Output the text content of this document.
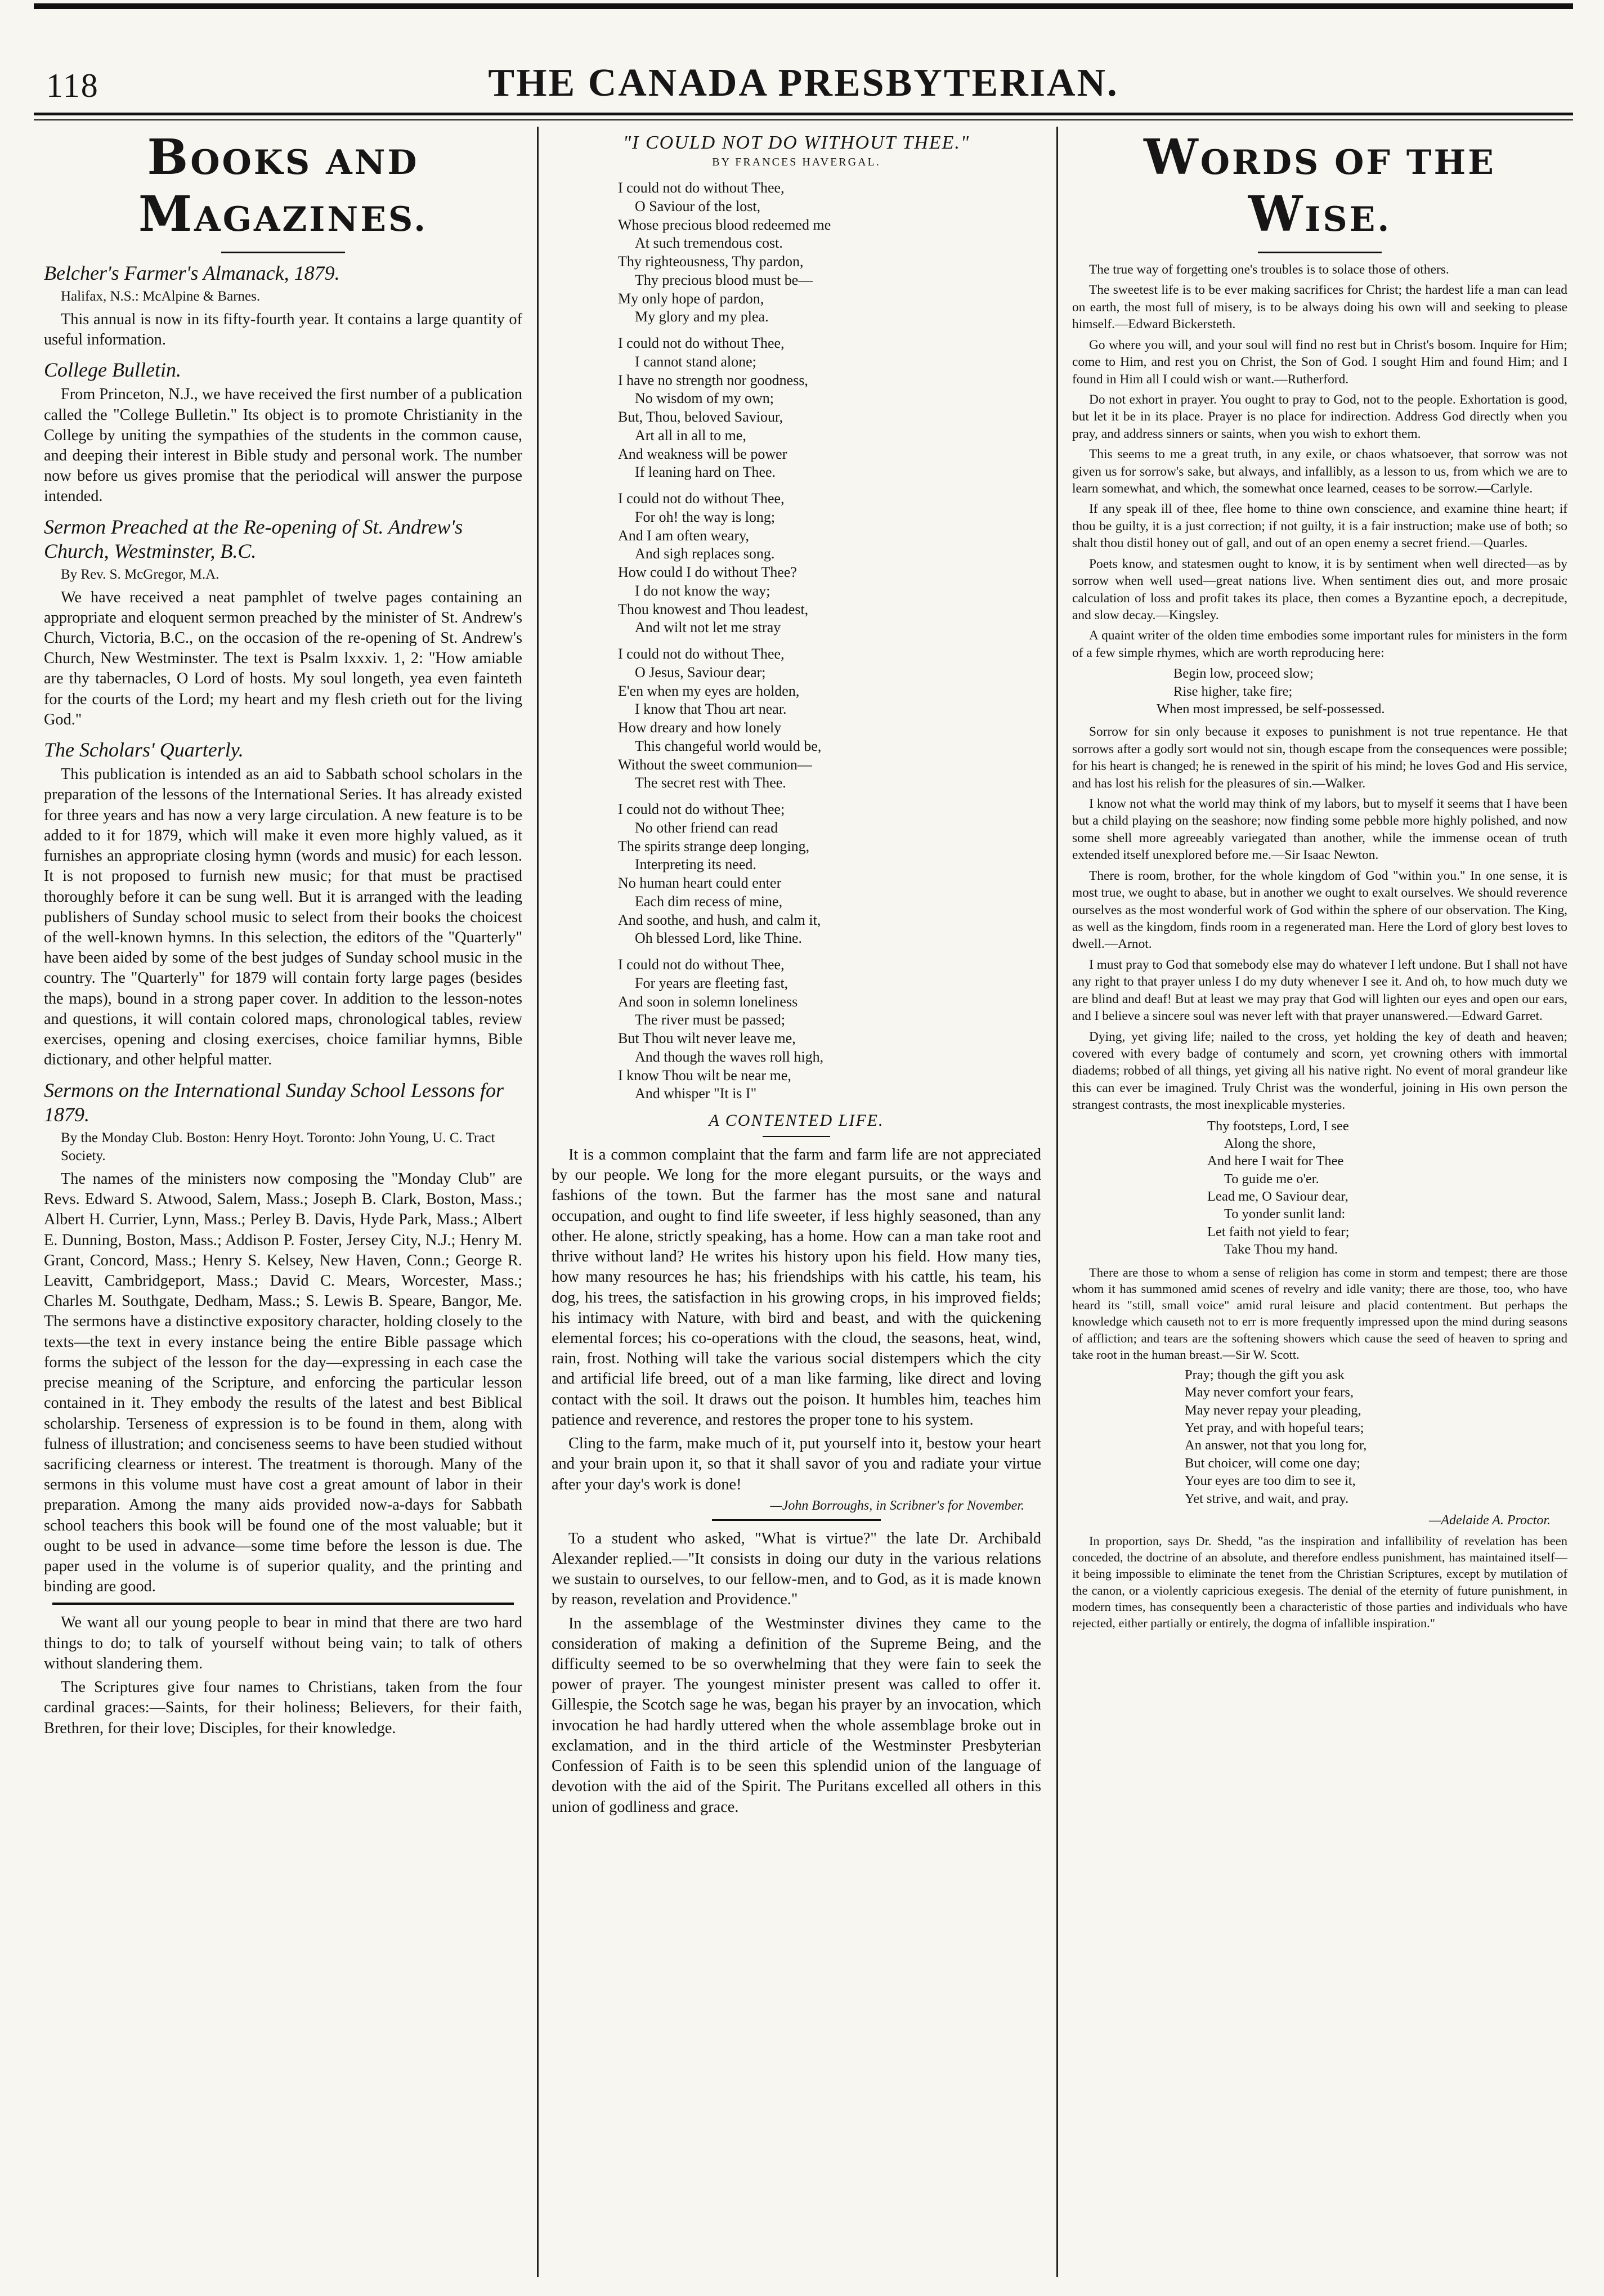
118	THE CANADA PRESBYTERIAN.
BOOKS AND MAGAZINES.
Belcher's Farmer's Almanack, 1879.
Halifax, N.S.: McAlpine & Barnes.

This annual is now in its fifty-fourth year. It contains a large quantity of useful information.

College Bulletin.

From Princeton, N.J., we have received the first number of a publication called the "College Bulletin." Its object is to promote Christianity in the College by uniting the sympathies of the students in the common cause, and deeping their interest in Bible study and personal work. The number now before us gives promise that the periodical will answer the purpose intended.

Sermon Preached at the Re-opening of St. Andrew's Church, Westminster, B.C.
By Rev. S. McGregor, M.A.

We have received a neat pamphlet of twelve pages containing an appropriate and eloquent sermon preached by the minister of St. Andrew's Church, Victoria, B.C., on the occasion of the re-opening of St. Andrew's Church, New Westminster. The text is Psalm lxxxiv. 1, 2: "How amiable are thy tabernacles, O Lord of hosts. My soul longeth, yea even fainteth for the courts of the Lord; my heart and my flesh crieth out for the living God."

The Scholars' Quarterly.

This publication is intended as an aid to Sabbath school scholars in the preparation of the lessons of the International Series. It has already existed for three years and has now a very large circulation. A new feature is to be added to it for 1879, which will make it even more highly valued, as it furnishes an appropriate closing hymn (words and music) for each lesson. It is not proposed to furnish new music; for that must be practised thoroughly before it can be sung well. But it is arranged with the leading publishers of Sunday school music to select from their books the choicest of the well-known hymns. In this selection, the editors of the "Quarterly" have been aided by some of the best judges of Sunday school music in the country. The "Quarterly" for 1879 will contain forty large pages (besides the maps), bound in a strong paper cover. In addition to the lesson-notes and questions, it will contain colored maps, chronological tables, review exercises, opening and closing exercises, choice familiar hymns, Bible dictionary, and other helpful matter.

Sermons on the International Sunday School Lessons for 1879.
By the Monday Club. Boston: Henry Hoyt. Toronto: John Young, U. C. Tract Society.

The names of the ministers now composing the "Monday Club" are Revs. Edward S. Atwood, Salem, Mass.; Joseph B. Clark, Boston, Mass.; Albert H. Currier, Lynn, Mass.; Perley B. Davis, Hyde Park, Mass.; Albert E. Dunning, Boston, Mass.; Addison P. Foster, Jersey City, N.J.; Henry M. Grant, Concord, Mass.; Henry S. Kelsey, New Haven, Conn.; George R. Leavitt, Cambridgeport, Mass.; David C. Mears, Worcester, Mass.; Charles M. Southgate, Dedham, Mass.; S. Lewis B. Speare, Bangor, Me. The sermons have a distinctive expository character, holding closely to the texts—the text in every instance being the entire Bible passage which forms the subject of the lesson for the day—expressing in each case the precise meaning of the Scripture, and enforcing the particular lesson contained in it. They embody the results of the latest and best Biblical scholarship. Terseness of expression is to be found in them, along with fulness of illustration; and conciseness seems to have been studied without sacrificing clearness or interest. The treatment is thorough. Many of the sermons in this volume must have cost a great amount of labor in their preparation. Among the many aids provided now-a-days for Sabbath school teachers this book will be found one of the most valuable; but it ought to be used in advance—some time before the lesson is due. The paper used in the volume is of superior quality, and the printing and binding are good.

We want all our young people to bear in mind that there are two hard things to do; to talk of yourself without being vain; to talk of others without slandering them.

The Scriptures give four names to Christians, taken from the four cardinal graces:—Saints, for their holiness; Believers, for their faith, Brethren, for their love; Disciples, for their knowledge.

"I COULD NOT DO WITHOUT THEE."
BY FRANCES HAVERGAL.
I could not do without Thee,
O Saviour of the lost,
Whose precious blood redeemed me
At such tremendous cost.
Thy righteousness, Thy pardon,
Thy precious blood must be—
My only hope of pardon,
My glory and my plea.
I could not do without Thee,
I cannot stand alone;
I have no strength nor goodness,
No wisdom of my own;
But, Thou, beloved Saviour,
Art all in all to me,
And weakness will be power
If leaning hard on Thee.
I could not do without Thee,
For oh! the way is long;
And I am often weary,
And sigh replaces song.
How could I do without Thee?
I do not know the way;
Thou knowest and Thou leadest,
And wilt not let me stray
I could not do without Thee,
O Jesus, Saviour dear;
E'en when my eyes are holden,
I know that Thou art near.
How dreary and how lonely
This changeful world would be,
Without the sweet communion—
The secret rest with Thee.
I could not do without Thee;
No other friend can read
The spirits strange deep longing,
Interpreting its need.
No human heart could enter
Each dim recess of mine,
And soothe, and hush, and calm it,
Oh blessed Lord, like Thine.
I could not do without Thee,
For years are fleeting fast,
And soon in solemn loneliness
The river must be passed;
But Thou wilt never leave me,
And though the waves roll high,
I know Thou wilt be near me,
And whisper "It is I"
A CONTENTED LIFE.

It is a common complaint that the farm and farm life are not appreciated by our people. We long for the more elegant pursuits, or the ways and fashions of the town. But the farmer has the most sane and natural occupation, and ought to find life sweeter, if less highly seasoned, than any other. He alone, strictly speaking, has a home. How can a man take root and thrive without land? He writes his history upon his field. How many ties, how many resources he has; his friendships with his cattle, his team, his dog, his trees, the satisfaction in his growing crops, in his improved fields; his intimacy with Nature, with bird and beast, and with the quickening elemental forces; his co-operations with the cloud, the seasons, heat, wind, rain, frost. Nothing will take the various social distempers which the city and artificial life breed, out of a man like farming, like direct and loving contact with the soil. It draws out the poison. It humbles him, teaches him patience and reverence, and restores the proper tone to his system.

Cling to the farm, make much of it, put yourself into it, bestow your heart and your brain upon it, so that it shall savor of you and radiate your virtue after your day's work is done!

—John Borroughs, in Scribner's for November.

To a student who asked, "What is virtue?" the late Dr. Archibald Alexander replied.—"It consists in doing our duty in the various relations we sustain to ourselves, to our fellow-men, and to God, as it is made known by reason, revelation and Providence."

In the assemblage of the Westminster divines they came to the consideration of making a definition of the Supreme Being, and the difficulty seemed to be so overwhelming that they were fain to seek the power of prayer. The youngest minister present was called to offer it. Gillespie, the Scotch sage he was, began his prayer by an invocation, which invocation he had hardly uttered when the whole assemblage broke out in exclamation, and in the third article of the Westminster Presbyterian Confession of Faith is to be seen this splendid union of the language of devotion with the aid of the Spirit. The Puritans excelled all others in this union of godliness and grace.

WORDS OF THE WISE.

The true way of forgetting one's troubles is to solace those of others.

The sweetest life is to be ever making sacrifices for Christ; the hardest life a man can lead on earth, the most full of misery, is to be always doing his own will and seeking to please himself.—Edward Bickersteth.

Go where you will, and your soul will find no rest but in Christ's bosom. Inquire for Him; come to Him, and rest you on Christ, the Son of God. I sought Him and found Him; and I found in Him all I could wish or want.—Rutherford.

Do not exhort in prayer. You ought to pray to God, not to the people. Exhortation is good, but let it be in its place. Prayer is no place for indirection. Address God directly when you pray, and address sinners or saints, when you wish to exhort them.

This seems to me a great truth, in any exile, or chaos whatsoever, that sorrow was not given us for sorrow's sake, but always, and infallibly, as a lesson to us, from which we are to learn somewhat, and which, the somewhat once learned, ceases to be sorrow.—Carlyle.

If any speak ill of thee, flee home to thine own conscience, and examine thine heart; if thou be guilty, it is a just correction; if not guilty, it is a fair instruction; make use of both; so shalt thou distil honey out of gall, and out of an open enemy a secret friend.—Quarles.

Poets know, and statesmen ought to know, it is by sentiment when well directed—as by sorrow when well used—great nations live. When sentiment dies out, and more prosaic calculation of loss and profit takes its place, then comes a Byzantine epoch, a decrepitude, and slow decay.—Kingsley.

A quaint writer of the olden time embodies some important rules for ministers in the form of a few simple rhymes, which are worth reproducing here:

Begin low, proceed slow;
Rise higher, take fire;
When most impressed, be self-possessed.

Sorrow for sin only because it exposes to punishment is not true repentance. He that sorrows after a godly sort would not sin, though escape from the consequences were possible; for his heart is changed; he is renewed in the spirit of his mind; he loves God and His service, and has lost his relish for the pleasures of sin.—Walker.

I know not what the world may think of my labors, but to myself it seems that I have been but a child playing on the seashore; now finding some pebble more highly polished, and now some shell more agreeably variegated than another, while the immense ocean of truth extended itself unexplored before me.—Sir Isaac Newton.

There is room, brother, for the whole kingdom of God "within you." In one sense, it is most true, we ought to abase, but in another we ought to exalt ourselves. We should reverence ourselves as the most wonderful work of God within the sphere of our observation. The King, as well as the kingdom, finds room in a regenerated man. Here the Lord of glory best loves to dwell.—Arnot.

I must pray to God that somebody else may do whatever I left undone. But I shall not have any right to that prayer unless I do my duty whenever I see it. And oh, to how much duty we are blind and deaf! But at least we may pray that God will lighten our eyes and open our ears, and I believe a sincere soul was never left with that prayer unanswered.—Edward Garret.

Dying, yet giving life; nailed to the cross, yet holding the key of death and heaven; covered with every badge of contumely and scorn, yet crowning others with immortal diadems; robbed of all things, yet giving all his native right. No event of moral grandeur like this can ever be imagined. Truly Christ was the wonderful, joining in His own person the strangest contrasts, the most inexplicable mysteries.

Thy footsteps, Lord, I see
Along the shore,
And here I wait for Thee
To guide me o'er.
Lead me, O Saviour dear,
To yonder sunlit land:
Let faith not yield to fear;
Take Thou my hand.

There are those to whom a sense of religion has come in storm and tempest; there are those whom it has summoned amid scenes of revelry and idle vanity; there are those, too, who have heard its "still, small voice" amid rural leisure and placid contentment. But perhaps the knowledge which causeth not to err is more frequently impressed upon the mind during seasons of affliction; and tears are the softening showers which cause the seed of heaven to spring and take root in the human breast.—Sir W. Scott.

Pray; though the gift you ask
May never comfort your fears,
May never repay your pleading,
Yet pray, and with hopeful tears;
An answer, not that you long for,
But choicer, will come one day;
Your eyes are too dim to see it,
Yet strive, and wait, and pray.
—Adelaide A. Proctor.

In proportion, says Dr. Shedd, "as the inspiration and infallibility of revelation has been conceded, the doctrine of an absolute, and therefore endless punishment, has maintained itself—it being impossible to eliminate the tenet from the Christian Scriptures, except by mutilation of the canon, or a violently capricious exegesis. The denial of the eternity of future punishment, in modern times, has consequently been a characteristic of those parties and individuals who have rejected, either partially or entirely, the dogma of infallible inspiration."
